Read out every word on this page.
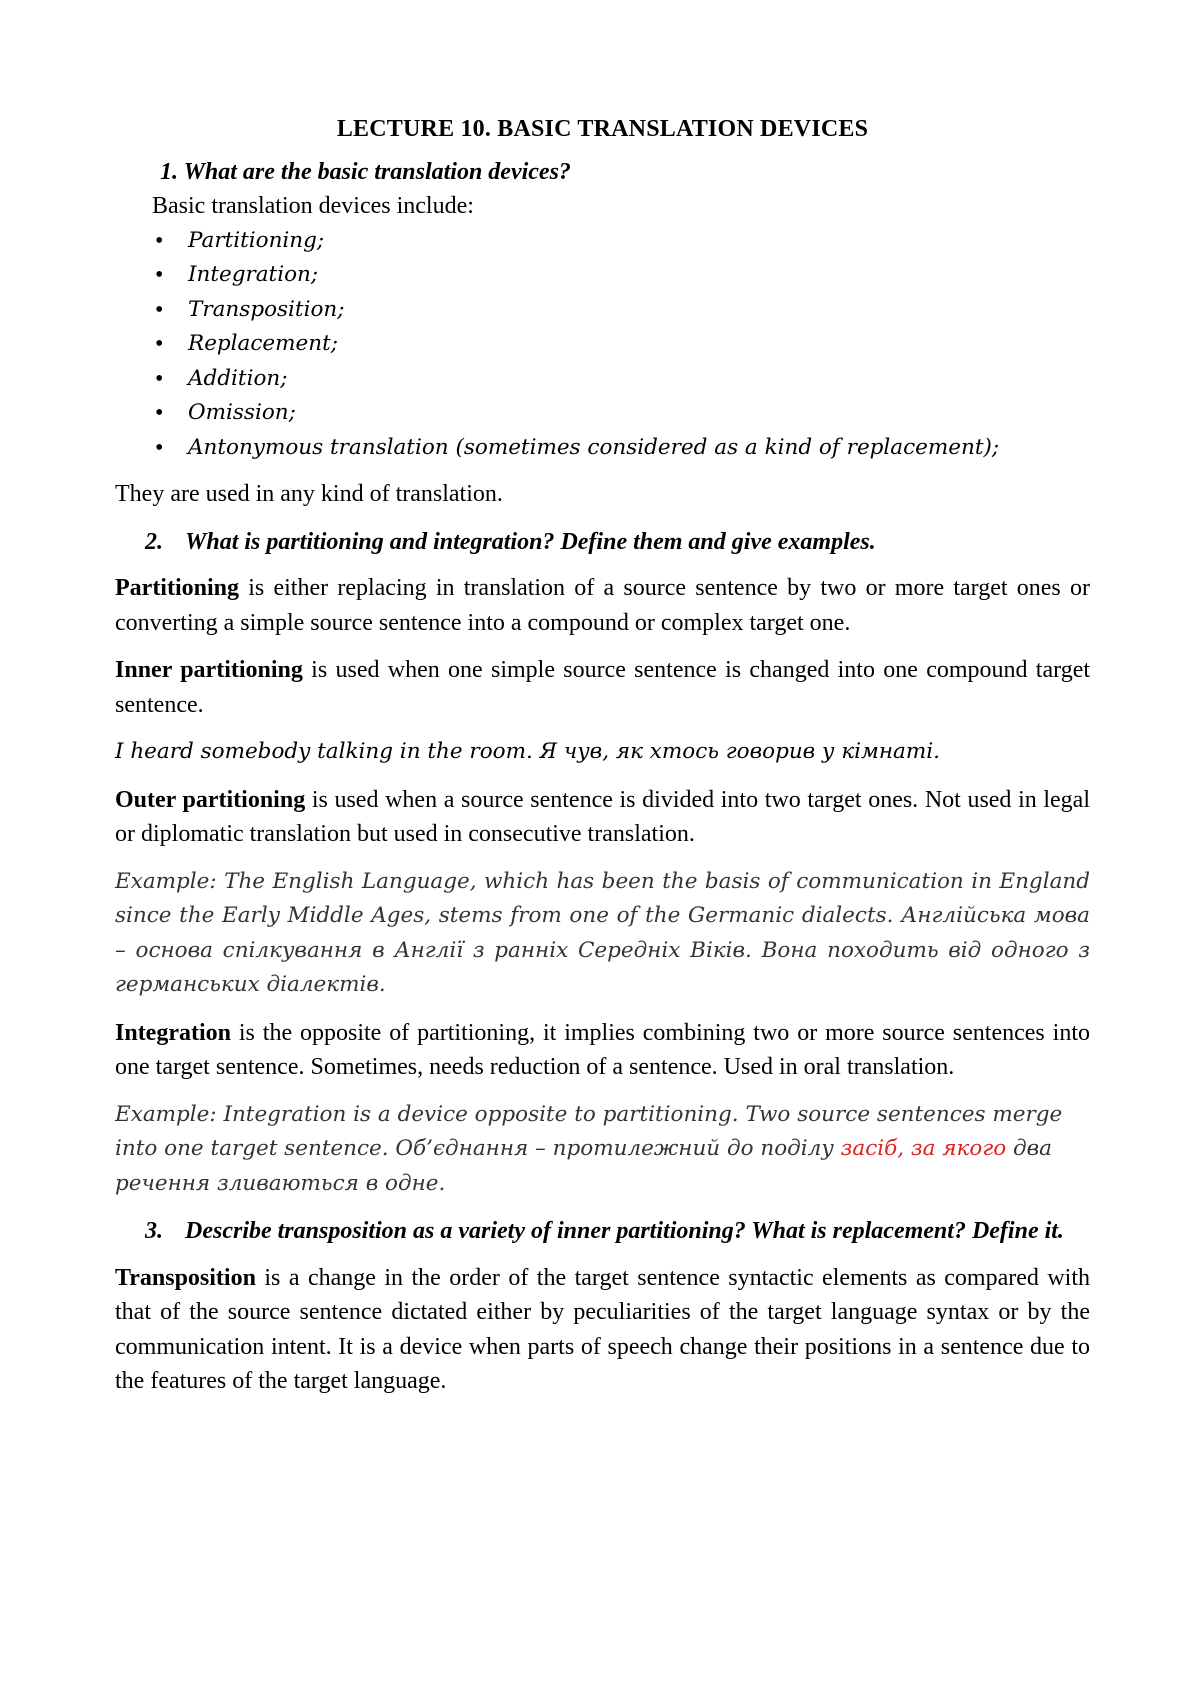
LECTURE 10. BASIC TRANSLATION DEVICES
1. What are the basic translation devices?
Basic translation devices include:
•	Partitioning;
•	Integration;
•	Transposition;
•	Replacement;
•	Addition;
•	Omission;
•	Antonymous translation (sometimes considered as a kind of replacement);

They are used in any kind of translation.

2. What is partitioning and integration? Define them and give examples.

Partitioning is either replacing in translation of a source sentence by two or more target ones or converting a simple source sentence into a compound or complex target one.

Inner partitioning is used when one simple source sentence is changed into one compound target sentence.

I heard somebody talking in the room. Я чув, як хтось говорив у кімнаті.

Outer partitioning is used when a source sentence is divided into two target ones. Not used in legal or diplomatic translation but used in consecutive translation.

Example: The English Language, which has been the basis of communication in England since the Early Middle Ages, stems from one of the Germanic dialects. Англійська мова – основа спілкування в Англії з ранніх Середніх Віків. Вона походить від одного з германських діалектів.

Integration is the opposite of partitioning, it implies combining two or more source sentences into one target sentence. Sometimes, needs reduction of a sentence. Used in oral translation.

Example: Integration is a device opposite to partitioning. Two source sentences merge into one target sentence. Об’єднання – протилежний до поділу засіб, за якого два речення зливаються в одне.

3. Describe transposition as a variety of inner partitioning? What is replacement? Define it.

Transposition is a change in the order of the target sentence syntactic elements as compared with that of the source sentence dictated either by peculiarities of the target language syntax or by the communication intent. It is a device when parts of speech change their positions in a sentence due to the features of the target language.
